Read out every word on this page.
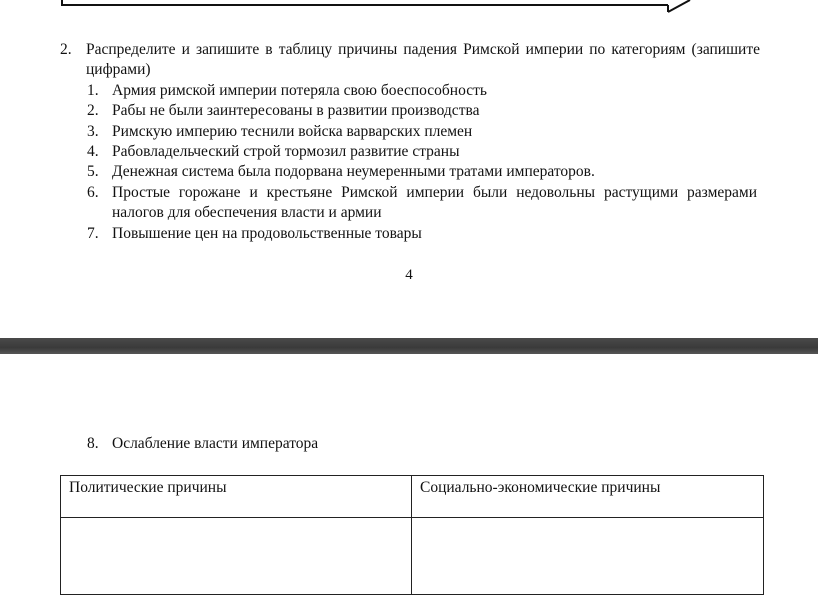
2. Распределите и запишите в таблицу причины падения Римской империи по категориям (запишите цифрами)
1. Армия римской империи потеряла свою боеспособность
2. Рабы не были заинтересованы в развитии производства
3. Римскую империю теснили войска варварских племен
4. Рабовладельческий строй тормозил развитие страны
5. Денежная система была подорвана неумеренными тратами императоров.
6. Простые горожане и крестьяне Римской империи были недовольны растущими размерами налогов для обеспечения власти и армии
7. Повышение цен на продовольственные товары
4
8. Ослабление власти императора
Политические причины	Социально-экономические причины
